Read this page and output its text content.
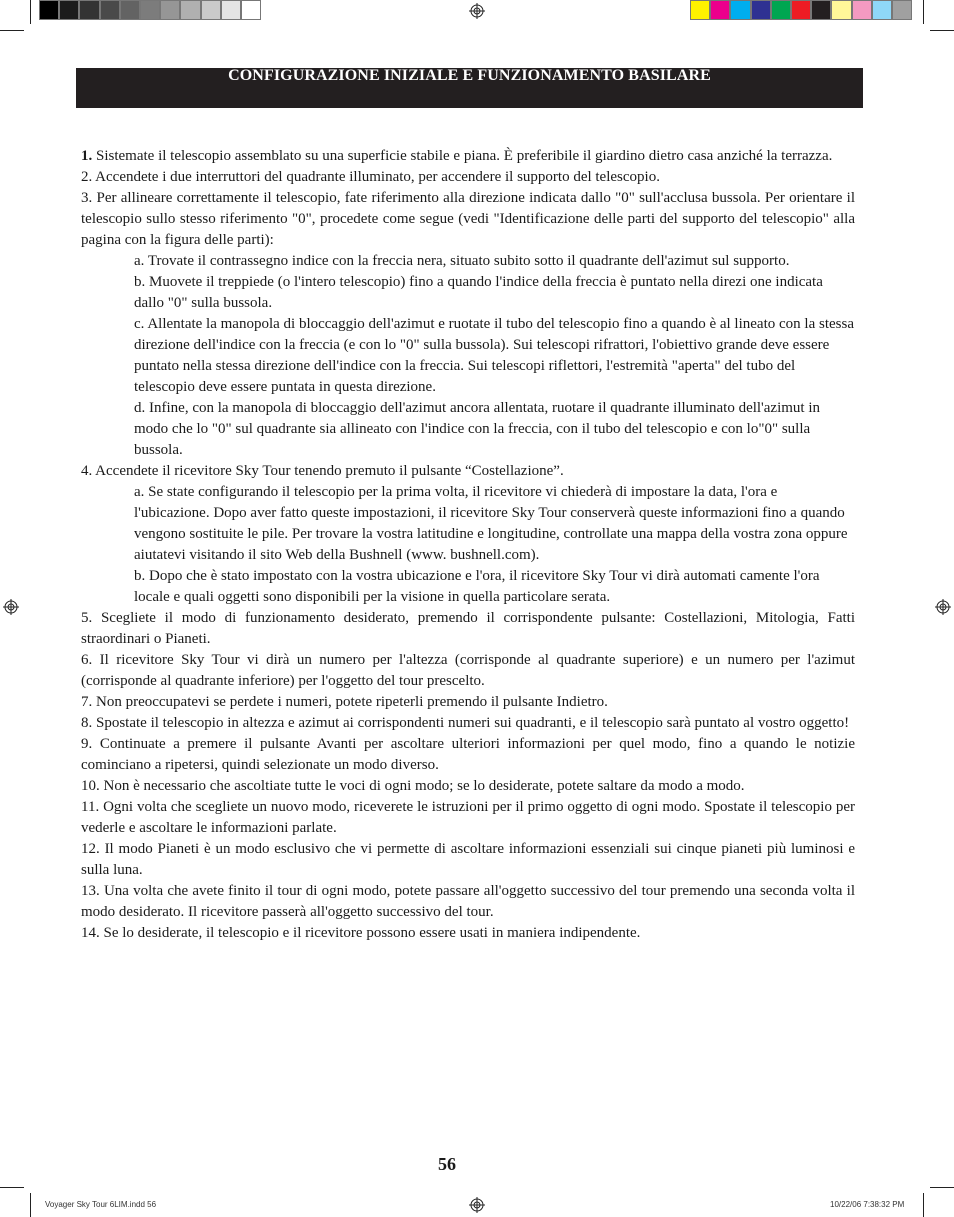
CONFIGURAZIONE INIZIALE E FUNZIONAMENTO BASILARE

1. Sistemate il telescopio assemblato su una superficie stabile e piana. È preferibile il giardino dietro casa anziché la terrazza.

2. Accendete i due interruttori del quadrante illuminato, per accendere il supporto del telescopio.

3. Per allineare correttamente il telescopio, fate riferimento alla direzione indicata dallo "0" sull'acclusa bussola. Per orientare il telescopio sullo stesso riferimento "0", procedete come segue (vedi "Identificazione delle parti del supporto del telescopio" alla pagina con la figura delle parti):

a. Trovate il contrassegno indice con la freccia nera, situato subito sotto il quadrante dell'azimut sul supporto.

b. Muovete il treppiede (o l'intero telescopio) fino a quando l'indice della freccia è puntato nella direzi one indicata dallo "0" sulla bussola.

c. Allentate la manopola di bloccaggio dell'azimut e ruotate il tubo del telescopio fino a quando è al lineato con la stessa direzione dell'indice con la freccia (e con lo "0" sulla bussola). Sui telescopi rifrattori, l'obiettivo grande deve essere puntato nella stessa direzione dell'indice con la freccia. Sui telescopi riflettori, l'estremità "aperta" del tubo del telescopio deve essere puntata in questa direzione.

d. Infine, con la manopola di bloccaggio dell'azimut ancora allentata, ruotare il quadrante illuminato dell'azimut in modo che lo "0" sul quadrante sia allineato con l'indice con la freccia, con il tubo del telescopio e con lo"0" sulla bussola.

4. Accendete il ricevitore Sky Tour tenendo premuto il pulsante “Costellazione”.

a. Se state configurando il telescopio per la prima volta, il ricevitore vi chiederà di impostare la data, l'ora e l'ubicazione. Dopo aver fatto queste impostazioni, il ricevitore Sky Tour conserverà queste informazioni fino a quando vengono sostituite le pile. Per trovare la vostra latitudine e longitudine, controllate una mappa della vostra zona oppure aiutatevi visitando il sito Web della Bushnell (www. bushnell.com).

b. Dopo che è stato impostato con la vostra ubicazione e l'ora, il ricevitore Sky Tour vi dirà automati camente l'ora locale e quali oggetti sono disponibili per la visione in quella particolare serata.

5. Scegliete il modo di funzionamento desiderato, premendo il corrispondente pulsante: Costellazioni, Mitologia, Fatti straordinari o Pianeti.

6. Il ricevitore Sky Tour vi dirà un numero per l'altezza (corrisponde al quadrante superiore) e un numero per l'azimut (corrisponde al quadrante inferiore) per l'oggetto del tour prescelto.

7. Non preoccupatevi se perdete i numeri, potete ripeterli premendo il pulsante Indietro.

8. Spostate il telescopio in altezza e azimut ai corrispondenti numeri sui quadranti, e il telescopio sarà puntato al vostro oggetto!

9. Continuate a premere il pulsante Avanti per ascoltare ulteriori informazioni per quel modo, fino a quando le notizie cominciano a ripetersi, quindi selezionate un modo diverso.

10. Non è necessario che ascoltiate tutte le voci di ogni modo; se lo desiderate, potete saltare da modo a modo.

11. Ogni volta che scegliete un nuovo modo, riceverete le istruzioni per il primo oggetto di ogni modo. Spostate il telescopio per vederle e ascoltare le informazioni parlate.

12. Il modo Pianeti è un modo esclusivo che vi permette di ascoltare informazioni essenziali sui cinque pianeti più luminosi e sulla luna.

13. Una volta che avete finito il tour di ogni modo, potete passare all'oggetto successivo del tour premendo una seconda volta il modo desiderato. Il ricevitore passerà all'oggetto successivo del tour.

14. Se lo desiderate, il telescopio e il ricevitore possono essere usati in maniera indipendente.

56
Voyager Sky Tour 6LIM.indd 56	10/22/06 7:38:32 PM
